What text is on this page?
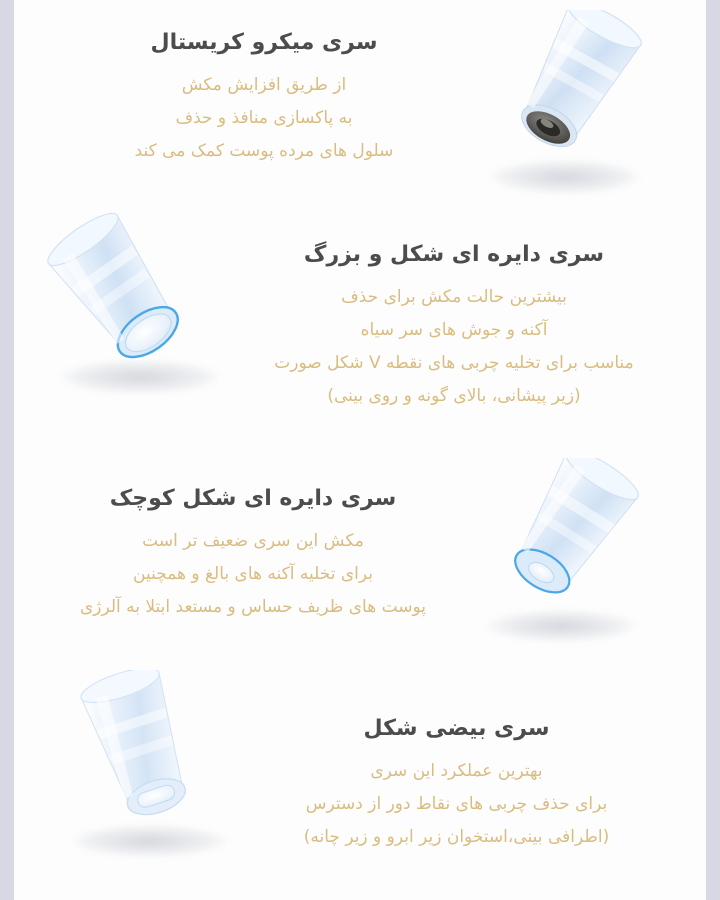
سری میکرو کریستال
از طریق افزایش مکش
به پاکسازی منافذ و حذف
سلول های مرده پوست کمک می کند
سری دایره ای شکل و بزرگ
بیشترین حالت مکش برای حذف
آکنه و جوش های سر سیاه
مناسب برای تخلیه چربی های نقطه V شکل صورت
(زیر پیشانی، بالای گونه و روی بینی)
سری دایره ای شکل کوچک
مکش این سری ضعیف تر است
برای تخلیه آکنه های بالغ و همچنین
پوست های ظریف حساس و مستعد ابتلا به آلرژی
سری بیضی شکل
بهترین عملکرد این سری
برای حذف چربی های نقاط دور از دسترس
(اطرافی بینی،استخوان زیر ابرو و زیر چانه)
